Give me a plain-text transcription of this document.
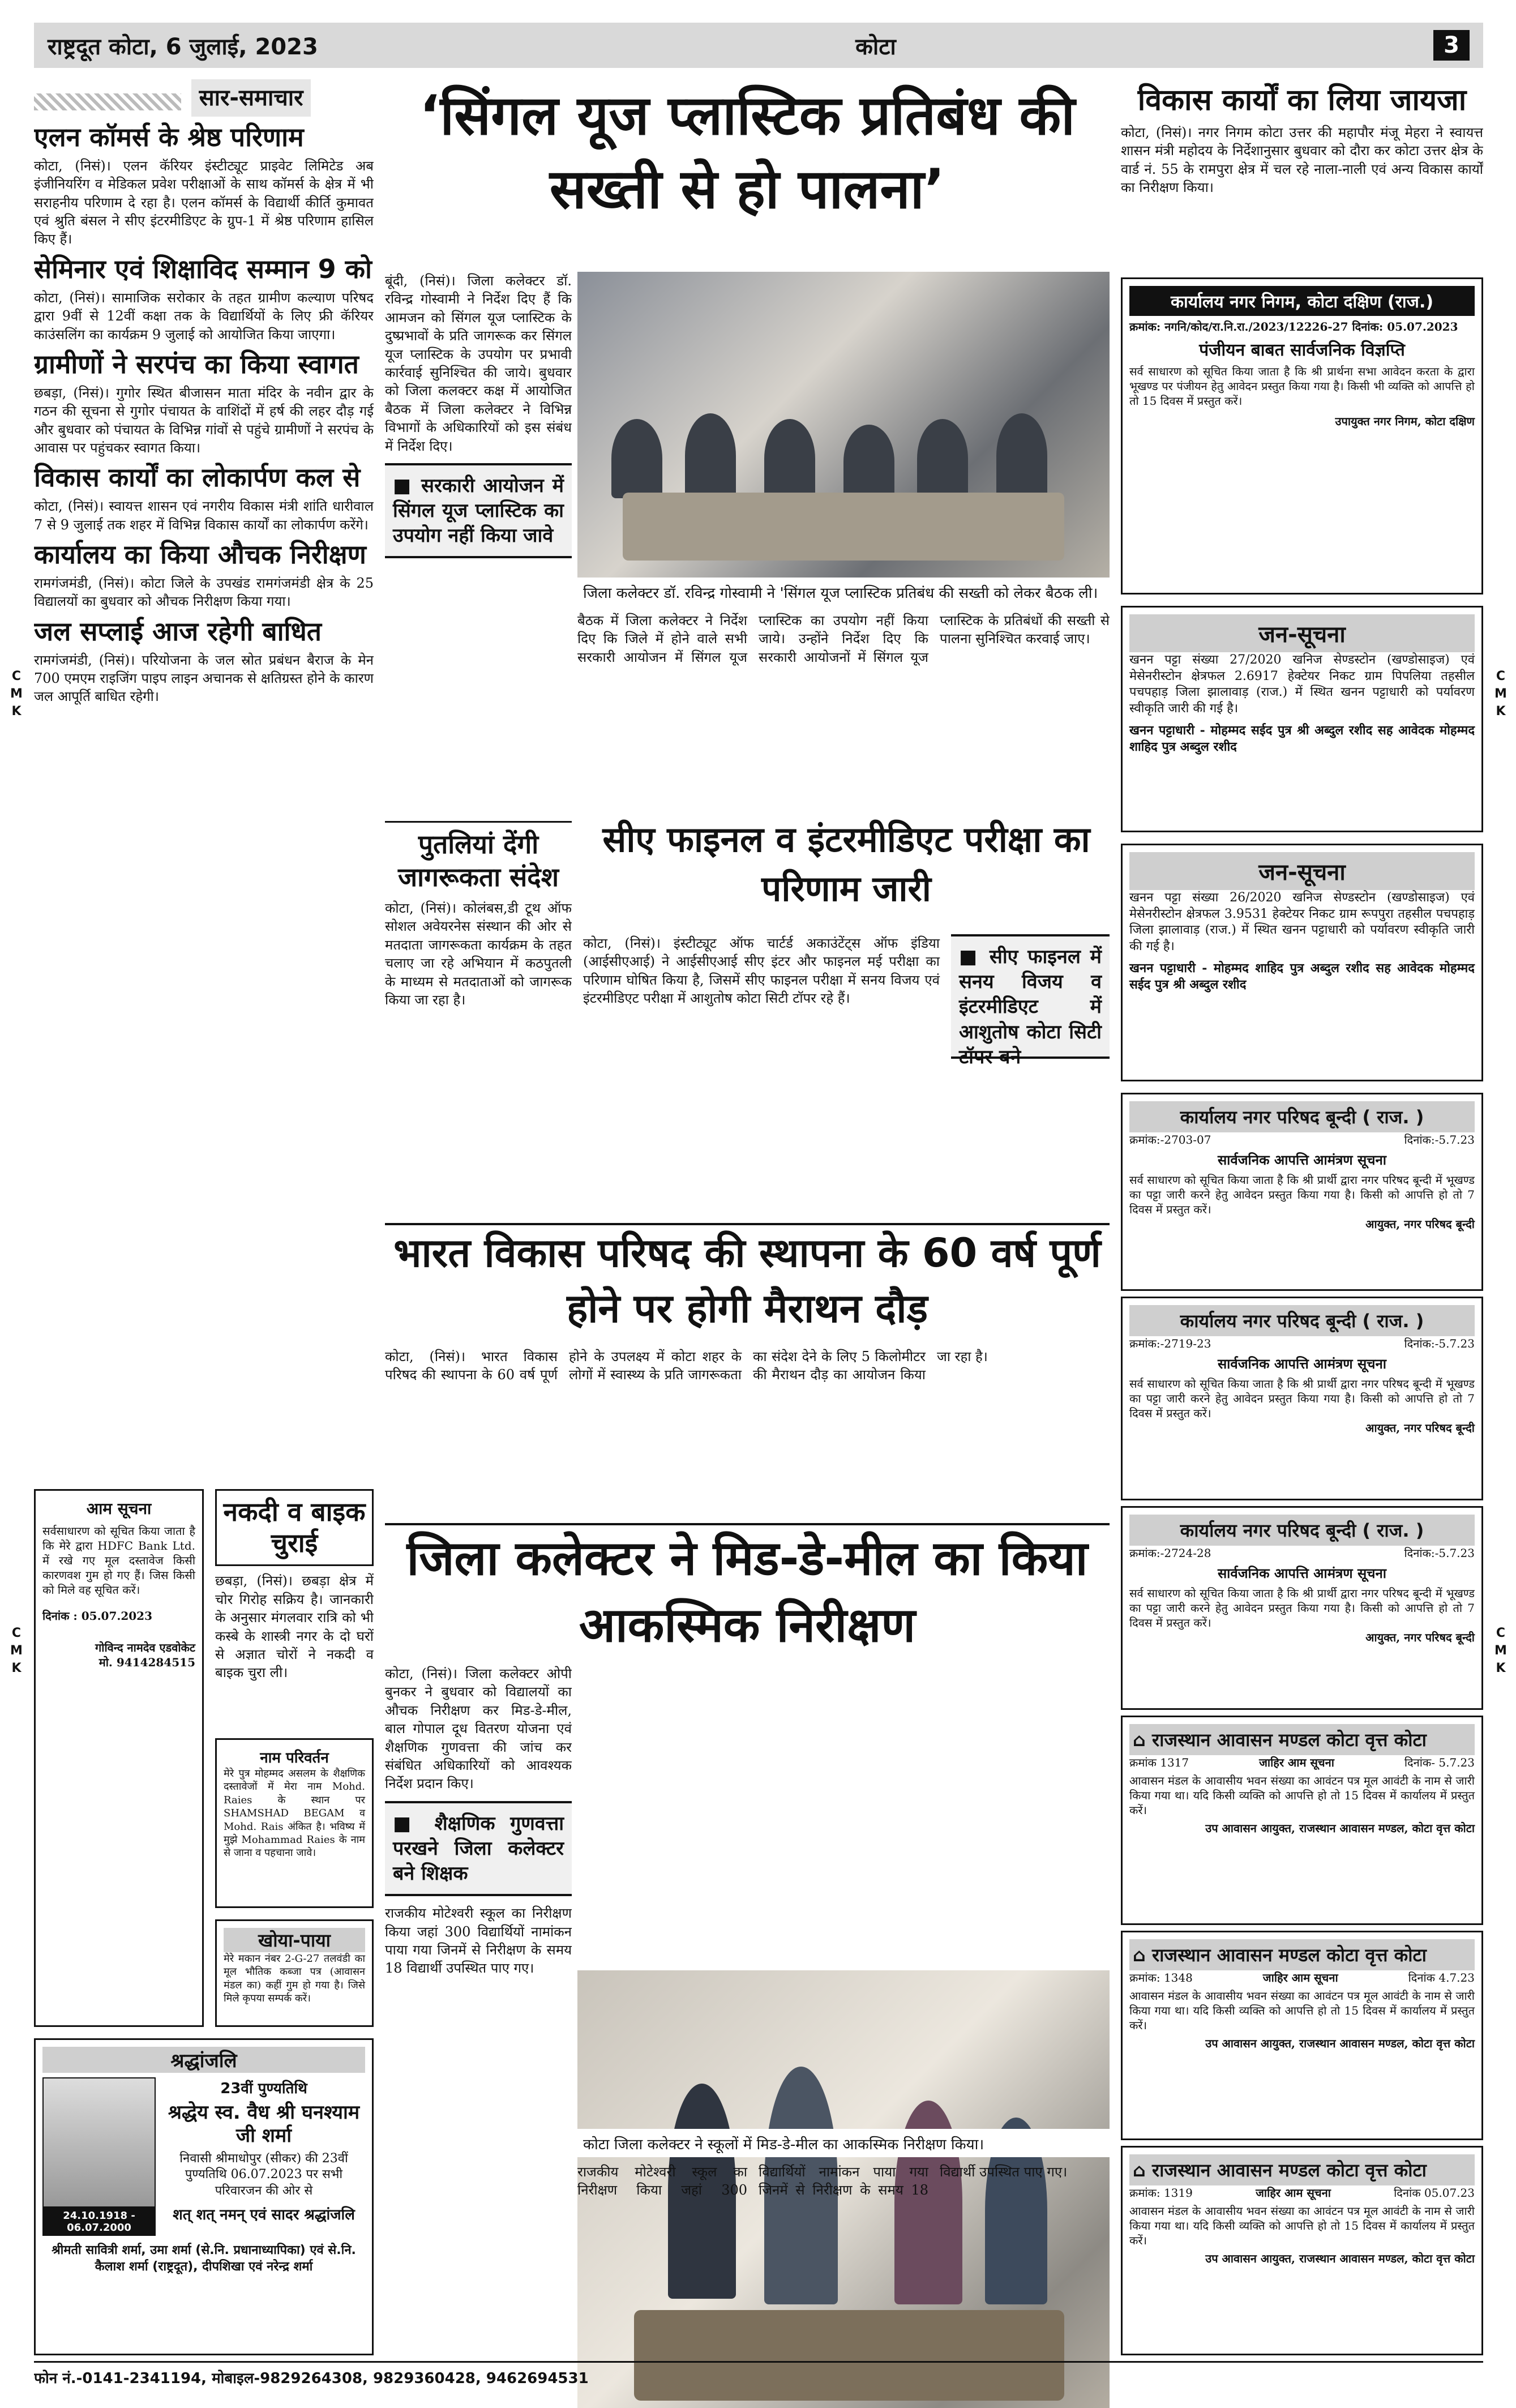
राष्ट्रदूत कोटा, 6 जुलाई, 2023	कोटा	3
C
M
K
C
M
K
C
M
K
C
M
K
सार-समाचार
एलन कॉमर्स के श्रेष्ठ परिणाम

कोटा, (निसं)। एलन कॅरियर इंस्टीट्यूट प्राइवेट लिमिटेड अब इंजीनियरिंग व मेडिकल प्रवेश परीक्षाओं के साथ कॉमर्स के क्षेत्र में भी सराहनीय परिणाम दे रहा है। एलन कॉमर्स के विद्यार्थी कीर्ति कुमावत एवं श्रुति बंसल ने सीए इंटरमीडिएट के ग्रुप-1 में श्रेष्ठ परिणाम हासिल किए हैं।

सेमिनार एवं शिक्षाविद सम्मान 9 को

कोटा, (निसं)। सामाजिक सरोकार के तहत ग्रामीण कल्याण परिषद द्वारा 9वीं से 12वीं कक्षा तक के विद्यार्थियों के लिए फ्री कॅरियर काउंसलिंग का कार्यक्रम 9 जुलाई को आयोजित किया जाएगा।

ग्रामीणों ने सरपंच का किया स्वागत

छबड़ा, (निसं)। गुगोर स्थित बीजासन माता मंदिर के नवीन द्वार के गठन की सूचना से गुगोर पंचायत के वाशिंदों में हर्ष की लहर दौड़ गई और बुधवार को पंचायत के विभिन्न गांवों से पहुंचे ग्रामीणों ने सरपंच के आवास पर पहुंचकर स्वागत किया।

विकास कार्यों का लोकार्पण कल से

कोटा, (निसं)। स्वायत्त शासन एवं नगरीय विकास मंत्री शांति धारीवाल 7 से 9 जुलाई तक शहर में विभिन्न विकास कार्यों का लोकार्पण करेंगे।

कार्यालय का किया औचक निरीक्षण

रामगंजमंडी, (निसं)। कोटा जिले के उपखंड रामगंजमंडी क्षेत्र के 25 विद्यालयों का बुधवार को औचक निरीक्षण किया गया।

जल सप्लाई आज रहेगी बाधित

रामगंजमंडी, (निसं)। परियोजना के जल स्रोत प्रबंधन बैराज के मेन 700 एमएम राइजिंग पाइप लाइन अचानक से क्षतिग्रस्त होने के कारण जल आपूर्ति बाधित रहेगी।

आम सूचना
सर्वसाधारण को सूचित किया जाता है कि मेरे द्वारा HDFC Bank Ltd. में रखे गए मूल दस्तावेज किसी कारणवश गुम हो गए हैं। जिस किसी को मिले वह सूचित करें।
दिनांक : 05.07.2023
गोविन्द नामदेव एडवोकेट
मो. 9414284515
नकदी व बाइक चुराई

छबड़ा, (निसं)। छबड़ा क्षेत्र में चोर गिरोह सक्रिय है। जानकारी के अनुसार मंगलवार रात्रि को भी कस्बे के शास्त्री नगर के दो घरों से अज्ञात चोरों ने नकदी व बाइक चुरा ली।

नाम परिवर्तन
मेरे पुत्र मोहम्मद असलम के शैक्षणिक दस्तावेजों में मेरा नाम Mohd. Raies के स्थान पर SHAMSHAD BEGAM व Mohd. Rais अंकित है। भविष्य में मुझे Mohammad Raies के नाम से जाना व पहचाना जावे।
खोया-पाया
मेरे मकान नंबर 2-G-27 तलवंडी का मूल भौतिक कब्जा पत्र (आवासन मंडल का) कहीं गुम हो गया है। जिसे मिले कृपया सम्पर्क करें।
श्रद्धांजलि
24.10.1918 - 06.07.2000
23वीं पुण्यतिथि
श्रद्धेय स्व. वैध श्री घनश्याम जी शर्मा
निवासी श्रीमाधोपुर (सीकर) की 23वीं पुण्यतिथि 06.07.2023 पर सभी परिवारजन की ओर से
शत् शत् नमन् एवं सादर श्रद्धांजलि
श्रीमती सावित्री शर्मा, उमा शर्मा (से.नि. प्रधानाध्यापिका) एवं से.नि. कैलाश शर्मा (राष्ट्रदूत), दीपशिखा एवं नरेन्द्र शर्मा
‘सिंगल यूज प्लास्टिक प्रतिबंध की सख्ती से हो पालना’

बूंदी, (निसं)। जिला कलेक्टर डॉ. रविन्द्र गोस्वामी ने निर्देश दिए हैं कि आमजन को सिंगल यूज प्लास्टिक के दुष्प्रभावों के प्रति जागरूक कर सिंगल यूज प्लास्टिक के उपयोग पर प्रभावी कार्रवाई सुनिश्चित की जाये। बुधवार को जिला कलक्टर कक्ष में आयोजित बैठक में जिला कलेक्टर ने विभिन्न विभागों के अधिकारियों को इस संबंध में निर्देश दिए।

■ सरकारी आयोजन में सिंगल यूज प्लास्टिक का उपयोग नहीं किया जावे
जिला कलेक्टर डॉ. रविन्द्र गोस्वामी ने 'सिंगल यूज प्लास्टिक प्रतिबंध की सख्ती को लेकर बैठक ली।

बैठक में जिला कलेक्टर ने निर्देश दिए कि जिले में होने वाले सभी सरकारी आयोजन में सिंगल यूज प्लास्टिक का उपयोग नहीं किया जाये। उन्होंने निर्देश दिए कि सरकारी आयोजनों में सिंगल यूज प्लास्टिक के प्रतिबंधों की सख्ती से पालना सुनिश्चित करवाई जाए।

पुतलियां देंगी जागरूकता संदेश

कोटा, (निसं)। कोलंबस,डी टूथ ऑफ सोशल अवेयरनेस संस्थान की ओर से मतदाता जागरूकता कार्यक्रम के तहत चलाए जा रहे अभियान में कठपुतली के माध्यम से मतदाताओं को जागरूक किया जा रहा है।

सीए फाइनल व इंटरमीडिएट परीक्षा का परिणाम जारी

कोटा, (निसं)। इंस्टीट्यूट ऑफ चार्टर्ड अकाउंटेंट्स ऑफ इंडिया (आईसीएआई) ने आईसीएआई सीए इंटर और फाइनल मई परीक्षा का परिणाम घोषित किया है, जिसमें सीए फाइनल परीक्षा में सनय विजय एवं इंटरमीडिएट परीक्षा में आशुतोष कोटा सिटी टॉपर रहे हैं।

■ सीए फाइनल में सनय विजय व इंटरमीडिएट में आशुतोष कोटा सिटी टॉपर बने
भारत विकास परिषद की स्थापना के 60 वर्ष पूर्ण होने पर होगी मैराथन दौड़

कोटा, (निसं)। भारत विकास परिषद की स्थापना के 60 वर्ष पूर्ण होने के उपलक्ष्य में कोटा शहर के लोगों में स्वास्थ्य के प्रति जागरूकता का संदेश देने के लिए 5 किलोमीटर की मैराथन दौड़ का आयोजन किया जा रहा है।

जिला कलेक्टर ने मिड-डे-मील का किया आकस्मिक निरीक्षण

कोटा, (निसं)। जिला कलेक्टर ओपी बुनकर ने बुधवार को विद्यालयों का औचक निरीक्षण कर मिड-डे-मील, बाल गोपाल दूध वितरण योजना एवं शैक्षणिक गुणवत्ता की जांच कर संबंधित अधिकारियों को आवश्यक निर्देश प्रदान किए।

■ शैक्षणिक गुणवत्ता परखने जिला कलेक्टर बने शिक्षक

राजकीय मोटेश्वरी स्कूल का निरीक्षण किया जहां 300 विद्यार्थियों नामांकन पाया गया जिनमें से निरीक्षण के समय 18 विद्यार्थी उपस्थित पाए गए।

कोटा जिला कलेक्टर ने स्कूलों में मिड-डे-मील का आकस्मिक निरीक्षण किया।

राजकीय मोटेश्वरी स्कूल का निरीक्षण किया जहां 300 विद्यार्थियों नामांकन पाया गया जिनमें से निरीक्षण के समय 18 विद्यार्थी उपस्थित पाए गए।

विकास कार्यों का लिया जायजा

कोटा, (निसं)। नगर निगम कोटा उत्तर की महापौर मंजू मेहरा ने स्वायत्त शासन मंत्री महोदय के निर्देशानुसार बुधवार को दौरा कर कोटा उत्तर क्षेत्र के वार्ड नं. 55 के रामपुरा क्षेत्र में चल रहे नाला-नाली एवं अन्य विकास कार्यों का निरीक्षण किया।

कार्यालय नगर निगम, कोटा दक्षिण (राज.)
क्रमांक: नगनि/कोद/रा.नि.रा./2023/12226-27 दिनांक: 05.07.2023
पंजीयन बाबत सार्वजनिक विज्ञप्ति
सर्व साधारण को सूचित किया जाता है कि श्री प्रार्थना सभा आवेदन करता के द्वारा भूखण्ड पर पंजीयन हेतु आवेदन प्रस्तुत किया गया है। किसी भी व्यक्ति को आपत्ति हो तो 15 दिवस में प्रस्तुत करें।
उपायुक्त नगर निगम, कोटा दक्षिण
जन-सूचना
खनन पट्टा संख्या 27/2020 खनिज सेण्डस्टोन (खण्डोसाइज) एवं मेसेनरीस्टोन क्षेत्रफल 2.6917 हेक्टेयर निकट ग्राम पिपलिया तहसील पचपहाड़ जिला झालावाड़ (राज.) में स्थित खनन पट्टाधारी को पर्यावरण स्वीकृति जारी की गई है।
खनन पट्टाधारी - मोहम्मद सईद पुत्र श्री अब्दुल रशीद सह आवेदक मोहम्मद शाहिद पुत्र अब्दुल रशीद
जन-सूचना
खनन पट्टा संख्या 26/2020 खनिज सेण्डस्टोन (खण्डोसाइज) एवं मेसेनरीस्टोन क्षेत्रफल 3.9531 हेक्टेयर निकट ग्राम रूपपुरा तहसील पचपहाड़ जिला झालावाड़ (राज.) में स्थित खनन पट्टाधारी को पर्यावरण स्वीकृति जारी की गई है।
खनन पट्टाधारी - मोहम्मद शाहिद पुत्र अब्दुल रशीद सह आवेदक मोहम्मद सईद पुत्र श्री अब्दुल रशीद
कार्यालय नगर परिषद बून्दी ( राज. )
क्रमांक:-2703-07	दिनांक:-5.7.23
सार्वजनिक आपत्ति आमंत्रण सूचना
सर्व साधारण को सूचित किया जाता है कि श्री प्रार्थी द्वारा नगर परिषद बून्दी में भूखण्ड का पट्टा जारी करने हेतु आवेदन प्रस्तुत किया गया है। किसी को आपत्ति हो तो 7 दिवस में प्रस्तुत करें।
आयुक्त, नगर परिषद बून्दी
कार्यालय नगर परिषद बून्दी ( राज. )
क्रमांक:-2719-23	दिनांक:-5.7.23
सार्वजनिक आपत्ति आमंत्रण सूचना
सर्व साधारण को सूचित किया जाता है कि श्री प्रार्थी द्वारा नगर परिषद बून्दी में भूखण्ड का पट्टा जारी करने हेतु आवेदन प्रस्तुत किया गया है। किसी को आपत्ति हो तो 7 दिवस में प्रस्तुत करें।
आयुक्त, नगर परिषद बून्दी
कार्यालय नगर परिषद बून्दी ( राज. )
क्रमांक:-2724-28	दिनांक:-5.7.23
सार्वजनिक आपत्ति आमंत्रण सूचना
सर्व साधारण को सूचित किया जाता है कि श्री प्रार्थी द्वारा नगर परिषद बून्दी में भूखण्ड का पट्टा जारी करने हेतु आवेदन प्रस्तुत किया गया है। किसी को आपत्ति हो तो 7 दिवस में प्रस्तुत करें।
आयुक्त, नगर परिषद बून्दी
⌂ राजस्थान आवासन मण्डल कोटा वृत्त कोटा
क्रमांक 1317	जाहिर आम सूचना	दिनांक- 5.7.23
आवासन मंडल के आवासीय भवन संख्या का आवंटन पत्र मूल आवंटी के नाम से जारी किया गया था। यदि किसी व्यक्ति को आपत्ति हो तो 15 दिवस में कार्यालय में प्रस्तुत करें।
उप आवासन आयुक्त, राजस्थान आवासन मण्डल, कोटा वृत्त कोटा
⌂ राजस्थान आवासन मण्डल कोटा वृत्त कोटा
क्रमांक: 1348	जाहिर आम सूचना	दिनांक 4.7.23
आवासन मंडल के आवासीय भवन संख्या का आवंटन पत्र मूल आवंटी के नाम से जारी किया गया था। यदि किसी व्यक्ति को आपत्ति हो तो 15 दिवस में कार्यालय में प्रस्तुत करें।
उप आवासन आयुक्त, राजस्थान आवासन मण्डल, कोटा वृत्त कोटा
⌂ राजस्थान आवासन मण्डल कोटा वृत्त कोटा
क्रमांक: 1319	जाहिर आम सूचना	दिनांक 05.07.23
आवासन मंडल के आवासीय भवन संख्या का आवंटन पत्र मूल आवंटी के नाम से जारी किया गया था। यदि किसी व्यक्ति को आपत्ति हो तो 15 दिवस में कार्यालय में प्रस्तुत करें।
उप आवासन आयुक्त, राजस्थान आवासन मण्डल, कोटा वृत्त कोटा
फोन नं.-0141-2341194, मोबाइल-9829264308, 9829360428, 9462694531
